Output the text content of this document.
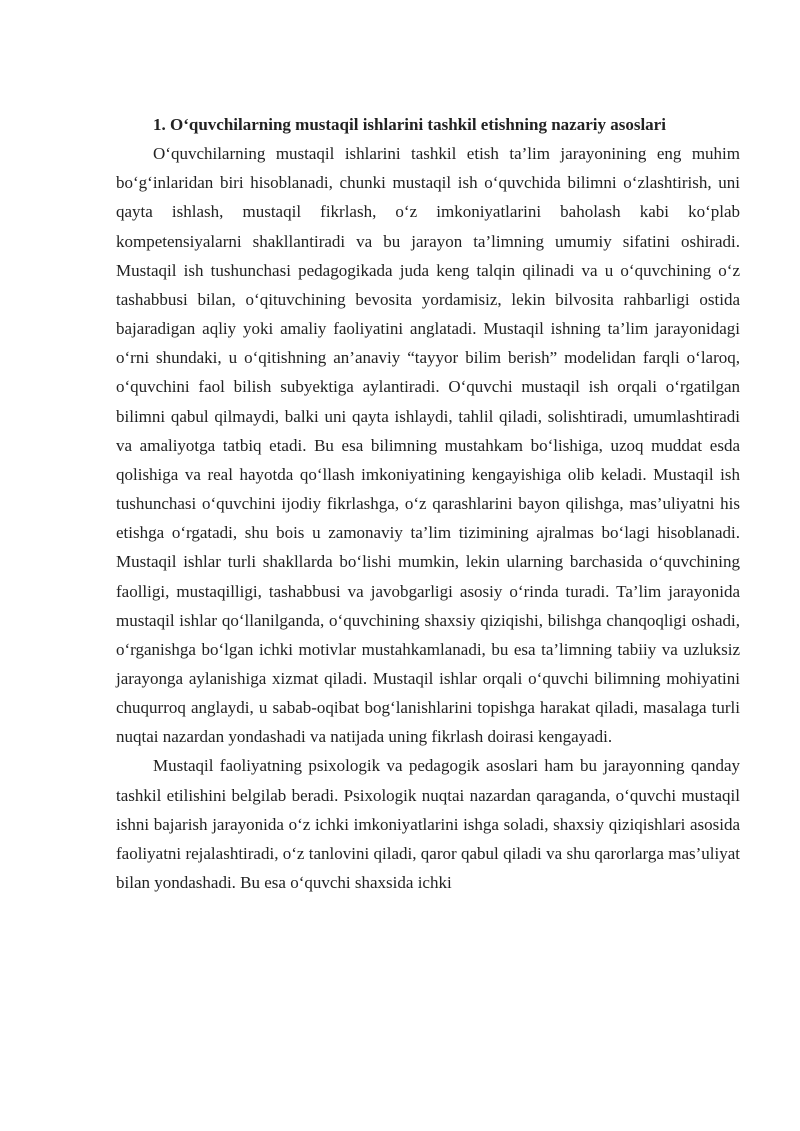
1. O‘quvchilarning mustaqil ishlarini tashkil etishning nazariy asoslari

O‘quvchilarning mustaqil ishlarini tashkil etish ta’lim jarayonining eng muhim bo‘g‘inlaridan biri hisoblanadi, chunki mustaqil ish o‘quvchida bilimni o‘zlashtirish, uni qayta ishlash, mustaqil fikrlash, o‘z imkoniyatlarini baholash kabi ko‘plab kompetensiyalarni shakllantiradi va bu jarayon ta’limning umumiy sifatini oshiradi. Mustaqil ish tushunchasi pedagogikada juda keng talqin qilinadi va u o‘quvchining o‘z tashabbusi bilan, o‘qituvchining bevosita yordamisiz, lekin bilvosita rahbarligi ostida bajaradigan aqliy yoki amaliy faoliyatini anglatadi. Mustaqil ishning ta’lim jarayonidagi o‘rni shundaki, u o‘qitishning an’anaviy “tayyor bilim berish” modelidan farqli o‘laroq, o‘quvchini faol bilish subyektiga aylantiradi. O‘quvchi mustaqil ish orqali o‘rgatilgan bilimni qabul qilmaydi, balki uni qayta ishlaydi, tahlil qiladi, solishtiradi, umumlashtiradi va amaliyotga tatbiq etadi. Bu esa bilimning mustahkam bo‘lishiga, uzoq muddat esda qolishiga va real hayotda qo‘llash imkoniyatining kengayishiga olib keladi. Mustaqil ish tushunchasi o‘quvchini ijodiy fikrlashga, o‘z qarashlarini bayon qilishga, mas’uliyatni his etishga o‘rgatadi, shu bois u zamonaviy ta’lim tizimining ajralmas bo‘lagi hisoblanadi. Mustaqil ishlar turli shakllarda bo‘lishi mumkin, lekin ularning barchasida o‘quvchining faolligi, mustaqilligi, tashabbusi va javobgarligi asosiy o‘rinda turadi. Ta’lim jarayonida mustaqil ishlar qo‘llanilganda, o‘quvchining shaxsiy qiziqishi, bilishga chanqoqligi oshadi, o‘rganishga bo‘lgan ichki motivlar mustahkamlanadi, bu esa ta’limning tabiiy va uzluksiz jarayonga aylanishiga xizmat qiladi. Mustaqil ishlar orqali o‘quvchi bilimning mohiyatini chuqurroq anglaydi, u sabab-oqibat bog‘lanishlarini topishga harakat qiladi, masalaga turli nuqtai nazardan yondashadi va natijada uning fikrlash doirasi kengayadi.

Mustaqil faoliyatning psixologik va pedagogik asoslari ham bu jarayonning qanday tashkil etilishini belgilab beradi. Psixologik nuqtai nazardan qaraganda, o‘quvchi mustaqil ishni bajarish jarayonida o‘z ichki imkoniyatlarini ishga soladi, shaxsiy qiziqishlari asosida faoliyatni rejalashtiradi, o‘z tanlovini qiladi, qaror qabul qiladi va shu qarorlarga mas’uliyat bilan yondashadi. Bu esa o‘quvchi shaxsida ichki
